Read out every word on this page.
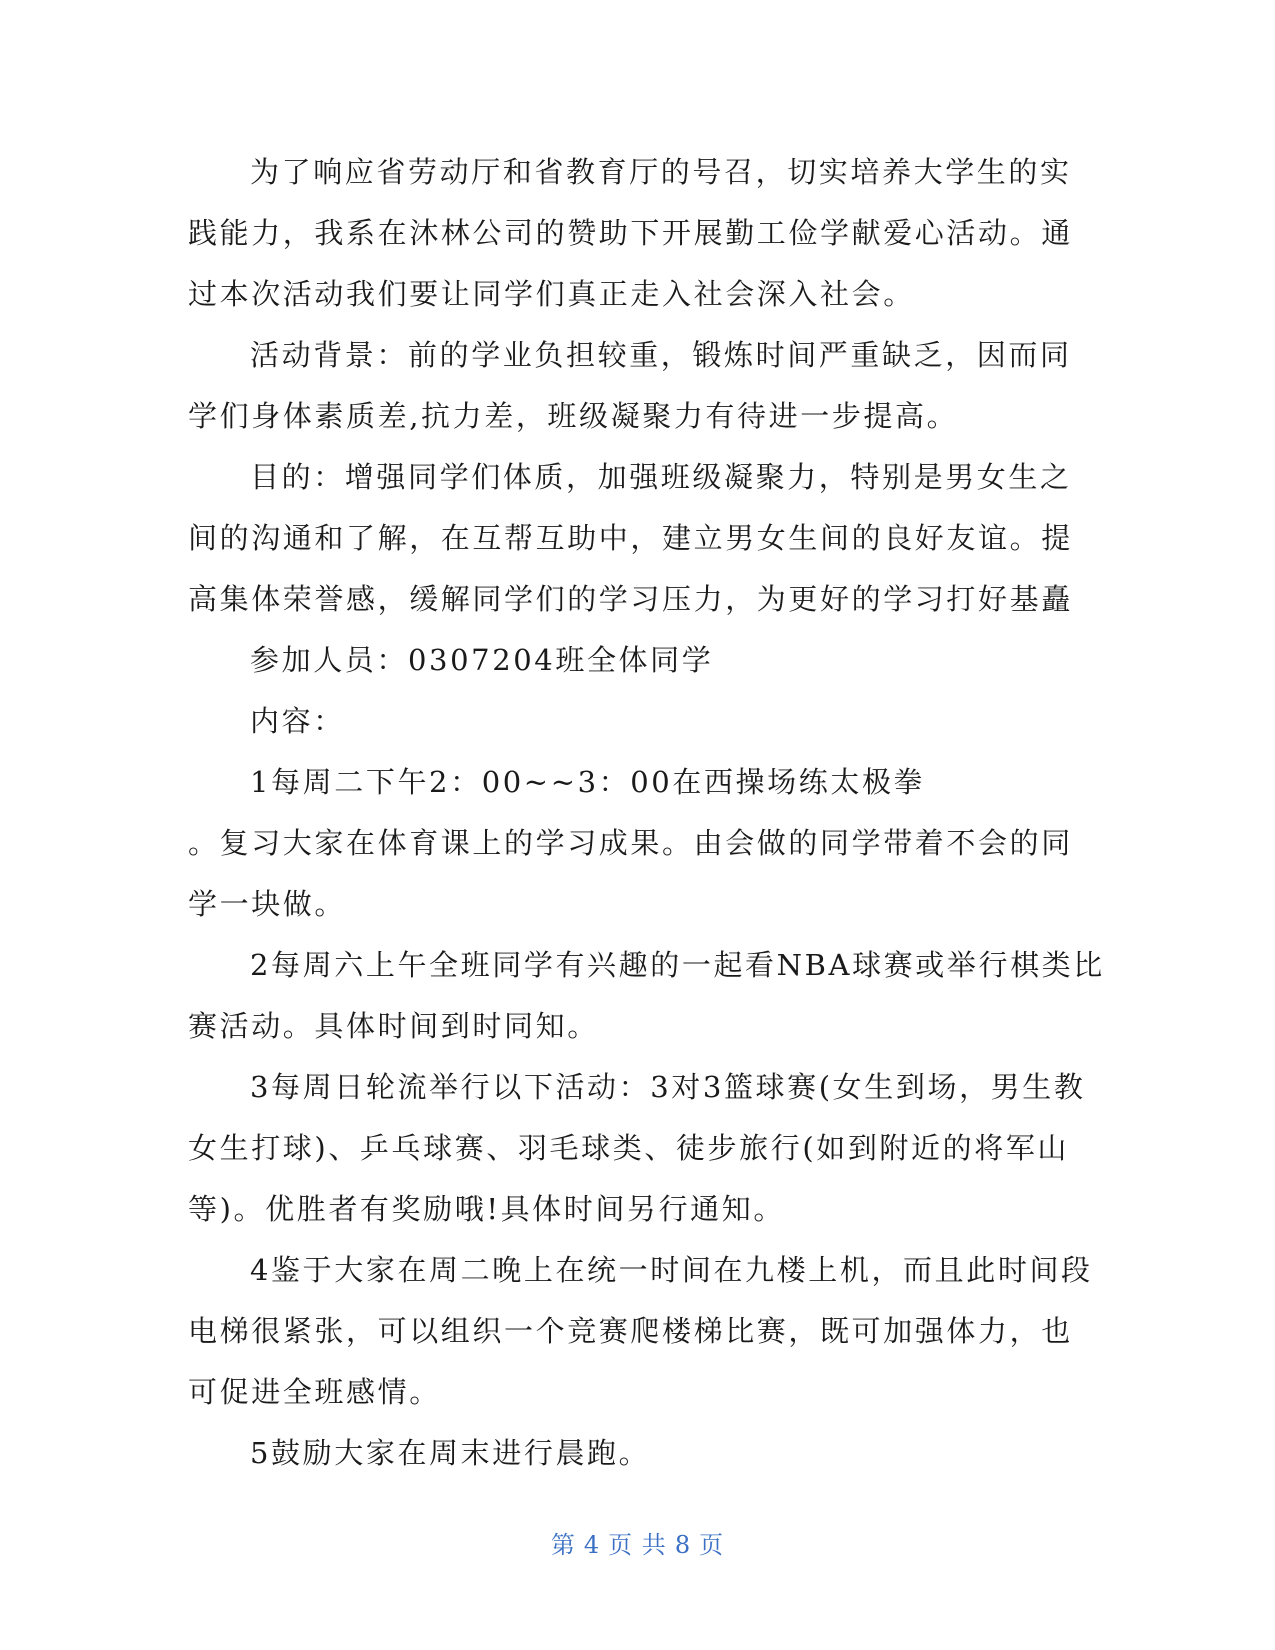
为了响应省劳动厅和省教育厅的号召，切实培养大学生的实
践能力，我系在沐林公司的赞助下开展勤工俭学献爱心活动。通
过本次活动我们要让同学们真正走入社会深入社会。
活动背景：前的学业负担较重，锻炼时间严重缺乏，因而同
学们身体素质差,抗力差，班级凝聚力有待进一步提高。
目的：增强同学们体质，加强班级凝聚力，特别是男女生之
间的沟通和了解，在互帮互助中，建立男女生间的良好友谊。提
高集体荣誉感，缓解同学们的学习压力，为更好的学习打好基矗
参加人员：0307204班全体同学
内容：
1每周二下午2：00~~3：00在西操场练太极拳
。复习大家在体育课上的学习成果。由会做的同学带着不会的同
学一块做。
2每周六上午全班同学有兴趣的一起看NBA球赛或举行棋类比
赛活动。具体时间到时同知。
3每周日轮流举行以下活动：3对3篮球赛(女生到场，男生教
女生打球)、乒乓球赛、羽毛球类、徒步旅行(如到附近的将军山
等)。优胜者有奖励哦!具体时间另行通知。
4鉴于大家在周二晚上在统一时间在九楼上机，而且此时间段
电梯很紧张，可以组织一个竞赛爬楼梯比赛，既可加强体力，也
可促进全班感情。
5鼓励大家在周末进行晨跑。
第 4 页 共 8 页
